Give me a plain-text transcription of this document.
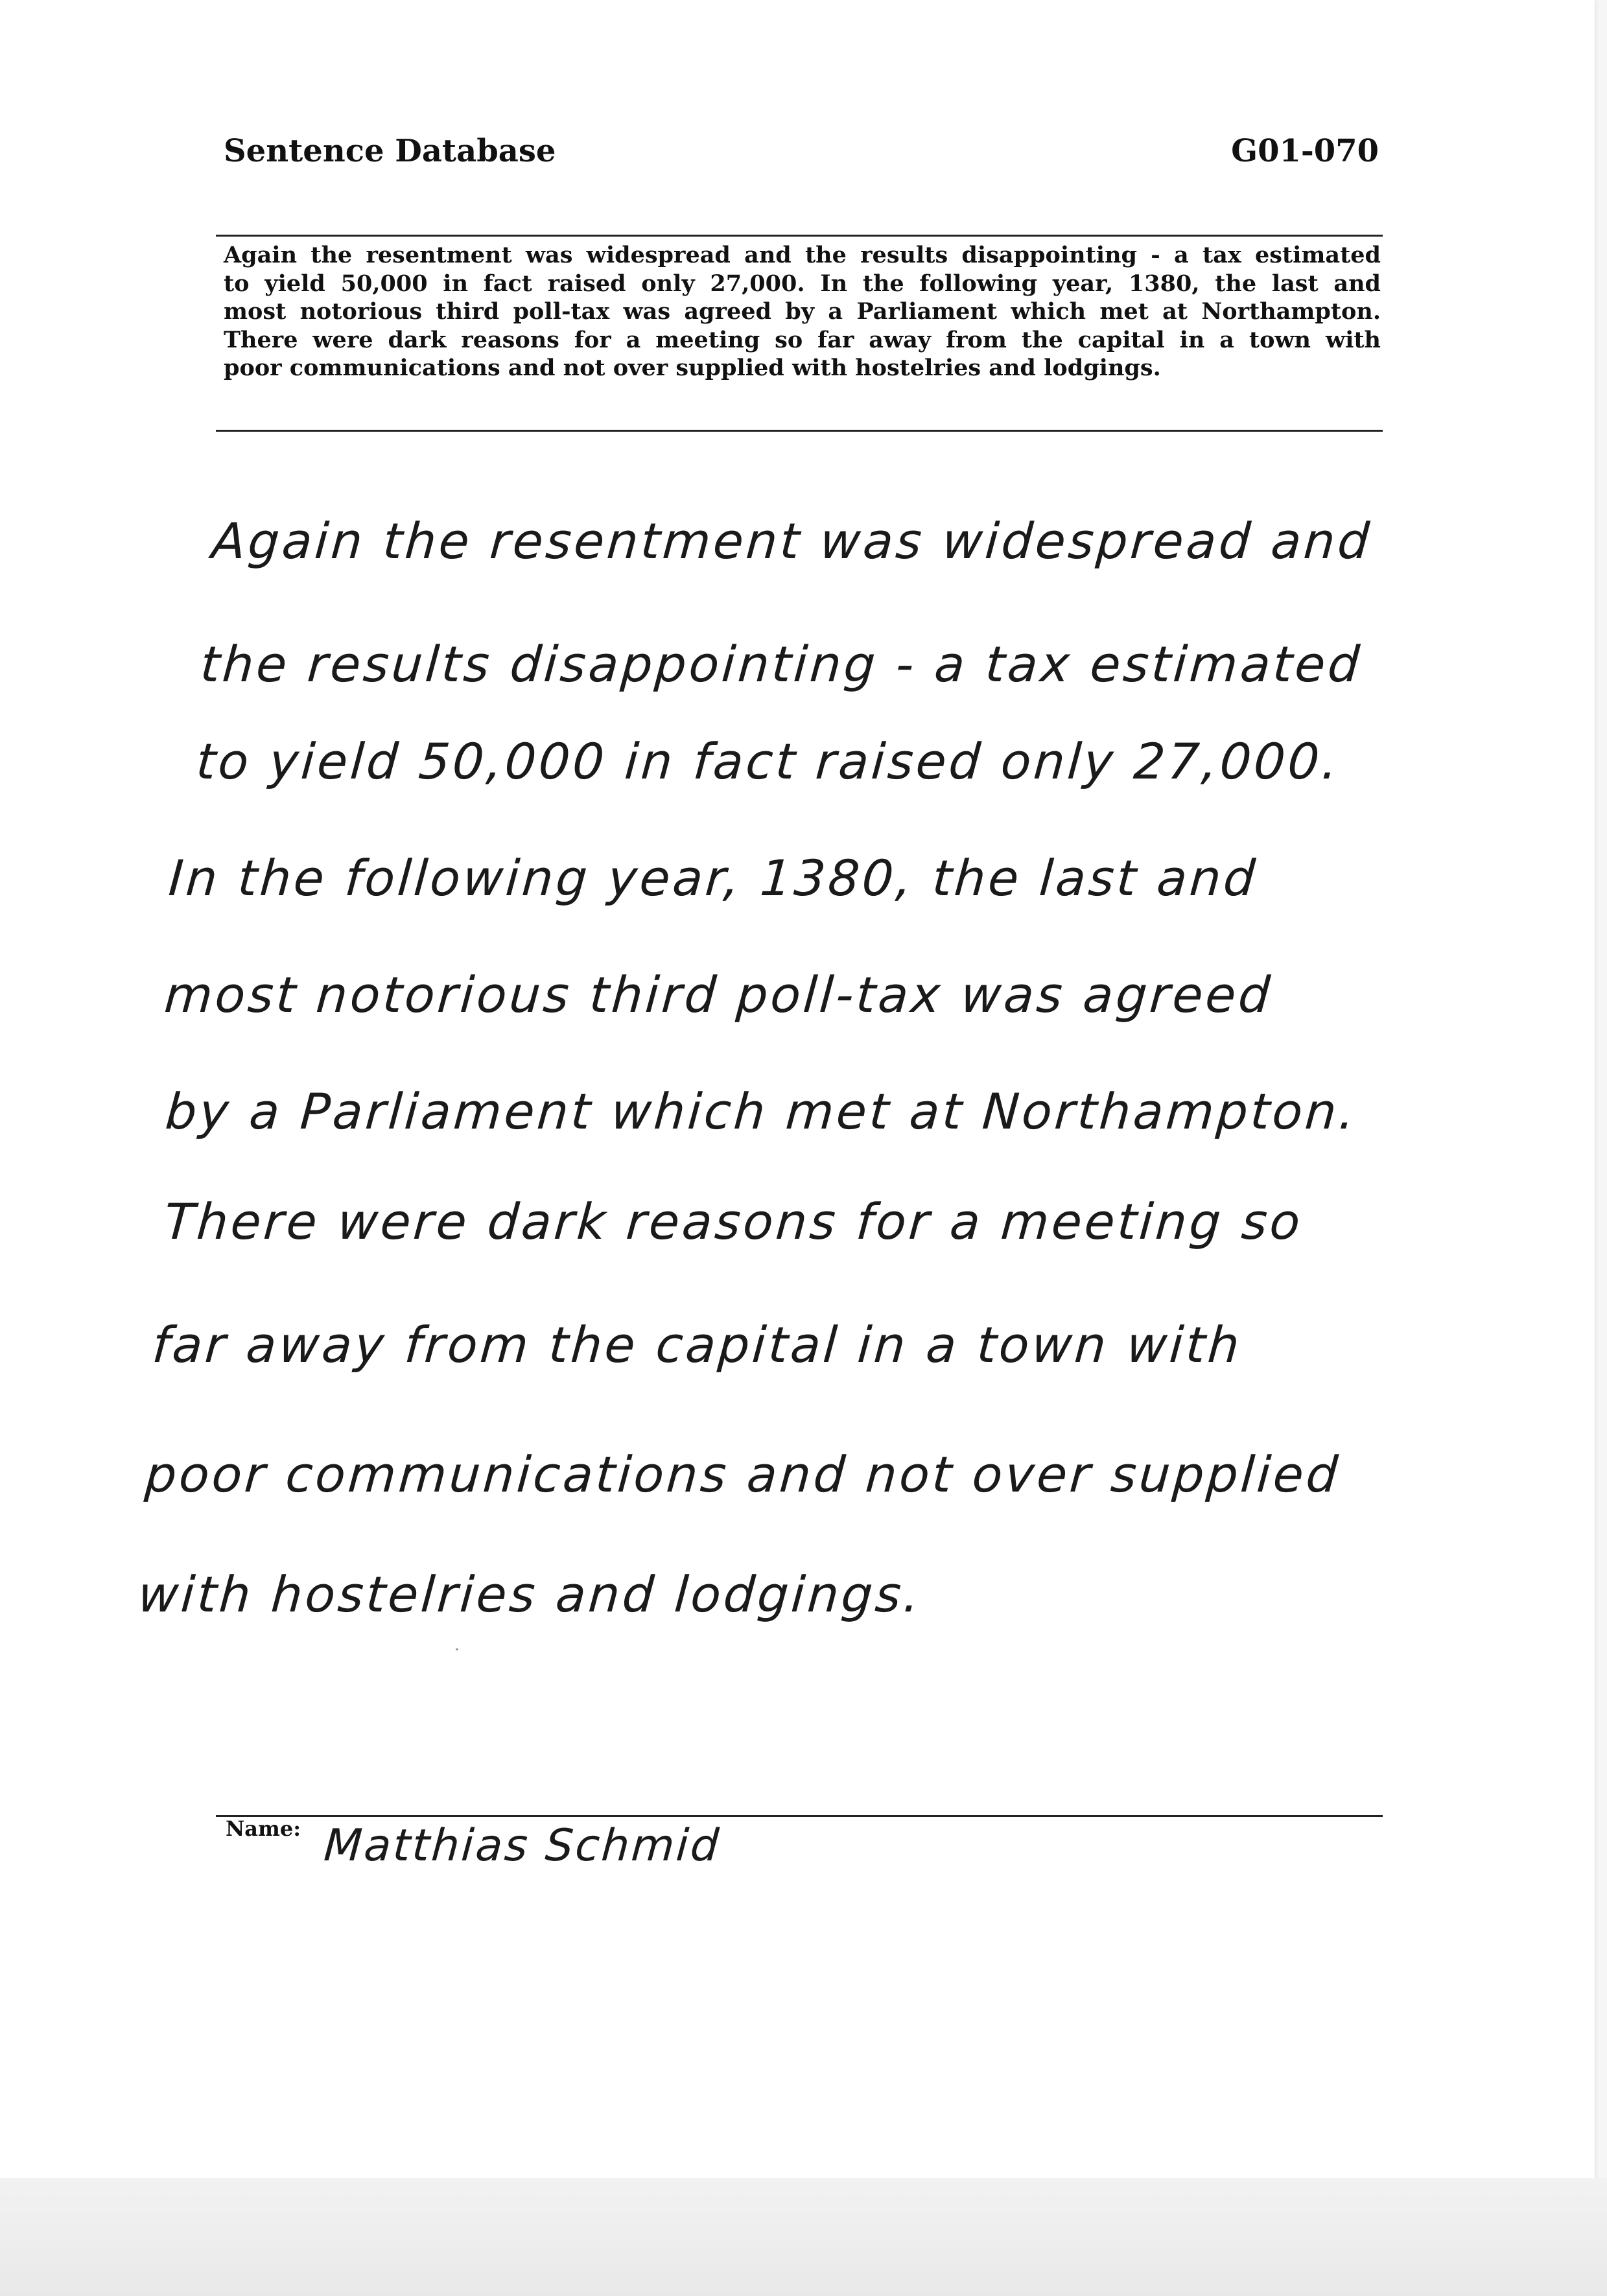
Sentence Database	G01-070
Again the resentment was widespread and the results disappointing - a tax estimated
to yield 50,000 in fact raised only 27,000. In the following year, 1380, the last and
most notorious third poll-tax was agreed by a Parliament which met at Northampton.
There were dark reasons for a meeting so far away from the capital in a town with
poor communications and not over supplied with hostelries and lodgings.
Again the resentment was widespread and
the results disappointing - a tax estimated
to yield 50,000 in fact raised only 27,000.
In the following year, 1380, the last and
most notorious third poll-tax was agreed
by a Parliament which met at Northampton.
There were dark reasons for a meeting so
far away from the capital in a town with
poor communications and not over supplied
with hostelries and lodgings.
Name: Matthias Schmid
